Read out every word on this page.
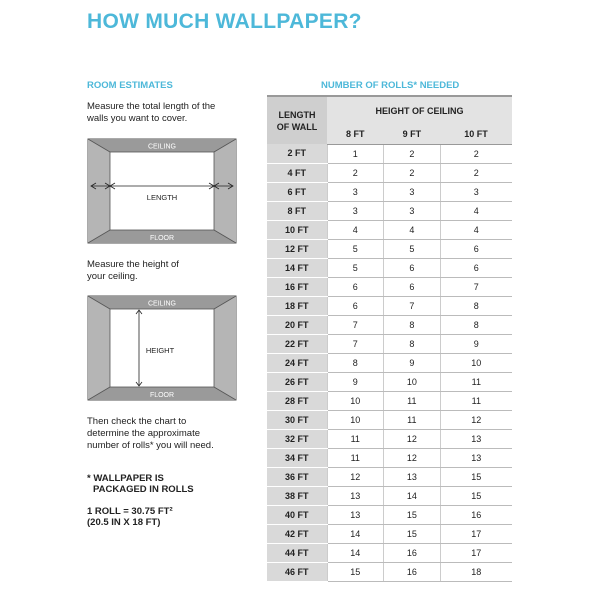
HOW MUCH WALLPAPER?
ROOM ESTIMATES
Measure the total length of the walls you want to cover.
CEILING
LENGTH
FLOOR
Measure the height of your ceiling.
CEILING
HEIGHT
FLOOR
Then check the chart to determine the approximate number of rolls* you will need.
* WALLPAPER IS
PACKAGED IN ROLLS
1 ROLL = 30.75 FT²
(20.5 IN X 18 FT)
NUMBER OF ROLLS* NEEDED
LENGTH
OF WALL	HEIGHT OF CEILING		
	8 FT	9 FT	10 FT
2 FT	1	2	2
4 FT	2	2	2
6 FT	3	3	3
8 FT	3	3	4
10 FT	4	4	4
12 FT	5	5	6
14 FT	5	6	6
16 FT	6	6	7
18 FT	6	7	8
20 FT	7	8	8
22 FT	7	8	9
24 FT	8	9	10
26 FT	9	10	11
28 FT	10	11	11
30 FT	10	11	12
32 FT	11	12	13
34 FT	11	12	13
36 FT	12	13	15
38 FT	13	14	15
40 FT	13	15	16
42 FT	14	15	17
44 FT	14	16	17
46 FT	15	16	18
